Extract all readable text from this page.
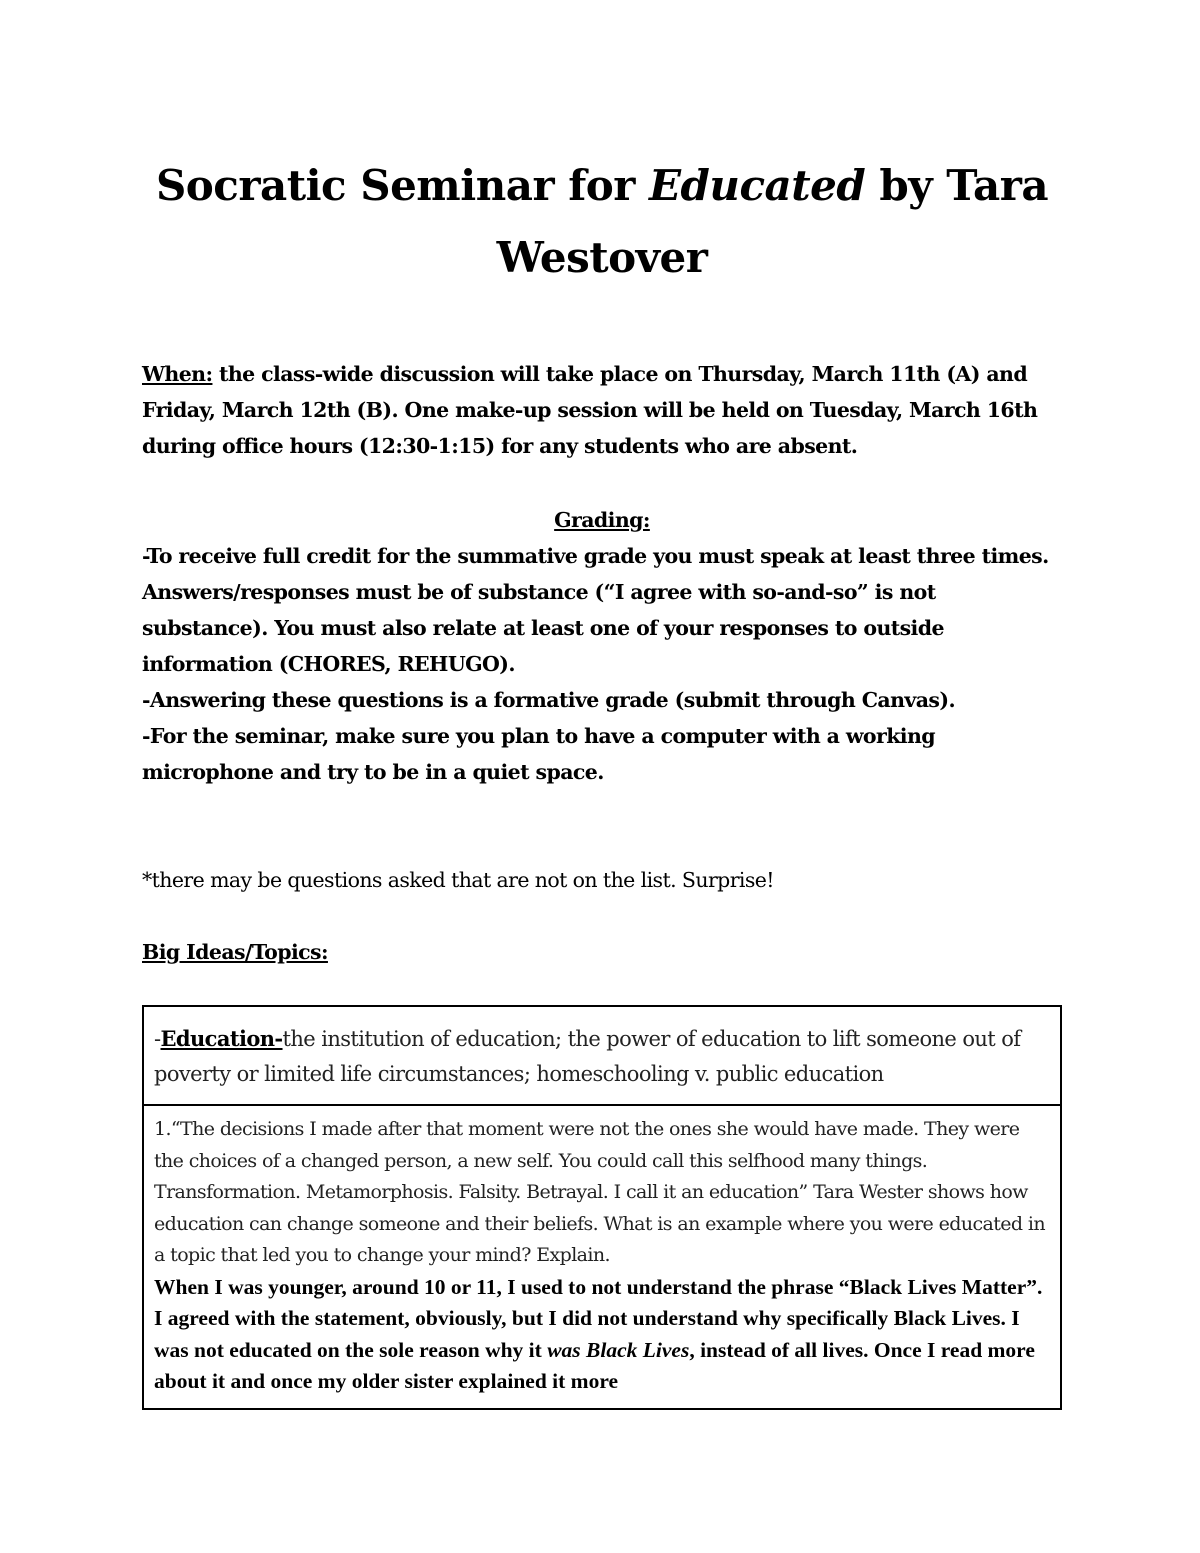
Socratic Seminar for Educated by Tara Westover
When: the class-wide discussion will take place on Thursday, March 11th (A) and Friday, March 12th (B). One make-up session will be held on Tuesday, March 16th during office hours (12:30-1:15) for any students who are absent.
Grading:
-To receive full credit for the summative grade you must speak at least three times. Answers/responses must be of substance (“I agree with so-and-so” is not substance). You must also relate at least one of your responses to outside information (CHORES, REHUGO).
-Answering these questions is a formative grade (submit through Canvas).
-For the seminar, make sure you plan to have a computer with a working microphone and try to be in a quiet space.
*there may be questions asked that are not on the list. Surprise!
Big Ideas/Topics:
-Education-the institution of education; the power of education to lift someone out of poverty or limited life circumstances; homeschooling v. public education
1.“The decisions I made after that moment were not the ones she would have made. They were the choices of a changed person, a new self. You could call this selfhood many things. Transformation. Metamorphosis. Falsity. Betrayal. I call it an education” Tara Wester shows how education can change someone and their beliefs. What is an example where you were educated in a topic that led you to change your mind? Explain.
When I was younger, around 10 or 11, I used to not understand the phrase “Black Lives Matter”. I agreed with the statement, obviously, but I did not understand why specifically Black Lives. I was not educated on the sole reason why it was Black Lives, instead of all lives. Once I read more about it and once my older sister explained it more
